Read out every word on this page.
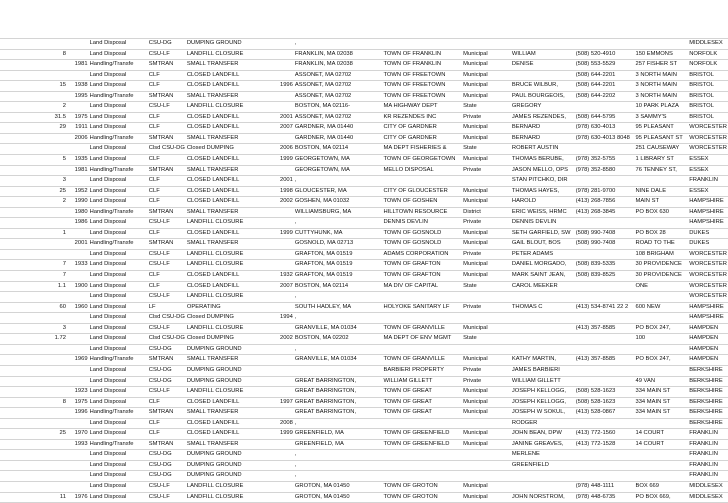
		Land Disposal	CSU-DG	DUMPING GROUND		,						MIDDLESEX
8		Land Disposal	CSU-LF	LANDFILL CLOSURE		FRANKLIN, MA 02038	TOWN OF FRANKLIN	Municipal	WILLIAM	(508) 520-4910	150 EMMONS	NORFOLK
	1981	Handling/Transfe	SMTRAN	SMALL TRANSFER		FRANKLIN, MA 02038	TOWN OF FRANKLIN	Municipal	DENISE	(508) 553-5529	257 FISHER ST	NORFOLK
		Land Disposal	CLF	CLOSED LANDFILL		ASSONET, MA 02702	TOWN OF FREETOWN	Municipal		(508) 644-2201	3 NORTH MAIN	BRISTOL
15	1938	Land Disposal	CLF	CLOSED LANDFILL	1996	ASSONET, MA 02702	TOWN OF FREETOWN	Municipal	BRUCE WILBUR,	(508) 644-2201	3 NORTH MAIN	BRISTOL
	1995	Handling/Transfe	SMTRAN	SMALL TRANSFER		ASSONET, MA 02702	TOWN OF FREETOWN	Municipal	PAUL BOURGEOIS,	(508) 644-2202	3 NORTH MAIN	BRISTOL
2		Land Disposal	CSU-LF	LANDFILL CLOSURE		BOSTON, MA 02116-	MA HIGHWAY DEPT	State	GREGORY		10 PARK PLAZA	BRISTOL
31.5	1975	Land Disposal	CLF	CLOSED LANDFILL	2001	ASSONET, MA 02702	KR REZENDES INC	Private	JAMES REZENDES,	(508) 644-5795	3 SAMMY'S	BRISTOL
29	1911	Land Disposal	CLF	CLOSED LANDFILL	2007	GARDNER, MA 01440	CITY OF GARDNER	Municipal	BERNARD	(978) 630-4013	95 PLEASANT	WORCESTER
	2006	Handling/Transfe	SMTRAN	SMALL TRANSFER		GARDNER, MA 01440	CITY OF GARDNER	Municipal	BERNARD	(978) 630-4013 8048	95 PLEASANT ST	WORCESTER
		Land Disposal	Clsd CSU-DG	Closed DUMPING	2006	BOSTON, MA 02114	MA DEPT FISHERIES &	State	ROBERT AUSTIN		251 CAUSEWAY	WORCESTER
5	1935	Land Disposal	CLF	CLOSED LANDFILL	1999	GEORGETOWN, MA	TOWN OF GEORGETOWN	Municipal	THOMAS BERUBE,	(978) 352-5755	1 LIBRARY ST	ESSEX
	1981	Handling/Transfe	SMTRAN	SMALL TRANSFER		GEORGETOWN, MA	MELLO DISPOSAL	Private	JASON MELLO, OPS	(978) 352-8580	76 TENNEY ST,	ESSEX
3		Land Disposal	CLF	CLOSED LANDFILL	2001	,			STAN PITCHKO, DIR			FRANKLIN
25	1952	Land Disposal	CLF	CLOSED LANDFILL	1998	GLOUCESTER, MA	CITY OF GLOUCESTER	Municipal	THOMAS HAYES,	(978) 281-9700	NINE DALE	ESSEX
2	1990	Land Disposal	CLF	CLOSED LANDFILL	2002	GOSHEN, MA 01032	TOWN OF GOSHEN	Municipal	HAROLD	(413) 268-7856	MAIN ST	HAMPSHIRE
	1980	Handling/Transfe	SMTRAN	SMALL TRANSFER		WILLIAMSBURG, MA	HILLTOWN RESOURCE	District	ERIC WEISS, HRMC	(413) 268-3845	PO BOX 630	HAMPSHIRE
	1986	Land Disposal	CSU-LF	LANDFILL CLOSURE		,	DENNIS DEVLIN	Private	DENNIS DEVLIN			HAMPSHIRE
1		Land Disposal	CLF	CLOSED LANDFILL	1999	CUTTYHUNK, MA	TOWN OF GOSNOLD	Municipal	SETH GARFIELD, SW	(508) 990-7408	PO BOX 28	DUKES
	2001	Handling/Transfe	SMTRAN	SMALL TRANSFER		GOSNOLD, MA 02713	TOWN OF GOSNOLD	Municipal	GAIL BLOUT, BOS	(508) 990-7408	ROAD TO THE	DUKES
		Land Disposal	CSU-LF	LANDFILL CLOSURE		GRAFTON, MA 01519	ADAMS CORPORATION	Private	PETER ADAMS		108 BRIGHAM	WORCESTER
7	1933	Land Disposal	CSU-LF	LANDFILL CLOSURE		GRAFTON, MA 01519	TOWN OF GRAFTON	Municipal	DANIEL MORGADO,	(508) 839-5335	30 PROVIDENCE	WORCESTER
7		Land Disposal	CLF	CLOSED LANDFILL	1932	GRAFTON, MA 01519	TOWN OF GRAFTON	Municipal	MARK SAINT JEAN,	(508) 839-8525	30 PROVIDENCE	WORCESTER
1.1	1900	Land Disposal	CLF	CLOSED LANDFILL	2007	BOSTON, MA 02114	MA DIV OF CAPITAL	State	CAROL MEEKER		ONE	WORCESTER
		Land Disposal	CSU-LF	LANDFILL CLOSURE		,						WORCESTER
60	1960	Land Disposal	LF	OPERATING		SOUTH HADLEY, MA	HOLYOKE SANITARY LF	Private	THOMAS C	(413) 534-8741 22 2	600 NEW	HAMPSHIRE
		Land Disposal	Clsd CSU-DG	Closed DUMPING	1994	,						HAMPSHIRE
3		Land Disposal	CSU-LF	LANDFILL CLOSURE		GRANVILLE, MA 01034	TOWN OF GRANVILLE	Municipal		(413) 357-8585	PO BOX 247,	HAMPDEN
1.72		Land Disposal	Clsd CSU-DG	Closed DUMPING	2002	BOSTON, MA 02202	MA DEPT OF ENV MGMT	State			100	HAMPDEN
		Land Disposal	CSU-DG	DUMPING GROUND		,						HAMPDEN
	1969	Handling/Transfe	SMTRAN	SMALL TRANSFER		GRANVILLE, MA 01034	TOWN OF GRANVILLE	Municipal	KATHY MARTIN,	(413) 357-8585	PO BOX 247,	HAMPDEN
		Land Disposal	CSU-DG	DUMPING GROUND			BARBIERI PROPERTY	Private	JAMES BARBIERI			BERKSHIRE
		Land Disposal	CSU-DG	DUMPING GROUND		GREAT BARRINGTON,	WILLIAM GILLETT	Private	WILLIAM GILLETT		49 VAN	BERKSHIRE
	1923	Land Disposal	CSU-LF	LANDFILL CLOSURE		GREAT BARRINGTON,	TOWN OF GREAT	Municipal	JOSEPH KELLOGG,	(508) 528-1623	334 MAIN ST	BERKSHIRE
8	1975	Land Disposal	CLF	CLOSED LANDFILL	1997	GREAT BARRINGTON,	TOWN OF GREAT	Municipal	JOSEPH KELLOGG,	(508) 528-1623	334 MAIN ST	BERKSHIRE
	1996	Handling/Transfe	SMTRAN	SMALL TRANSFER		GREAT BARRINGTON,	TOWN OF GREAT	Municipal	JOSEPH W SOKUL,	(413) 528-0867	334 MAIN ST	BERKSHIRE
		Land Disposal	CLF	CLOSED LANDFILL	2008	,			RODGER			BERKSHIRE
25	1970	Land Disposal	CLF	CLOSED LANDFILL	1999	GREENFIELD, MA	TOWN OF GREENFIELD	Municipal	JOHN BEAN, DPW	(413) 772-1560	14 COURT	FRANKLIN
	1993	Handling/Transfe	SMTRAN	SMALL TRANSFER		GREENFIELD, MA	TOWN OF GREENFIELD	Municipal	JANINE GREAVES,	(413) 772-1528	14 COURT	FRANKLIN
		Land Disposal	CSU-DG	DUMPING GROUND		,			MERLENE			FRANKLIN
		Land Disposal	CSU-DG	DUMPING GROUND		,			GREENFIELD			FRANKLIN
		Land Disposal	CSU-DG	DUMPING GROUND		,						FRANKLIN
		Land Disposal	CSU-LF	LANDFILL CLOSURE		GROTON, MA 01450	TOWN OF GROTON	Municipal		(978) 448-1111	BOX 669	MIDDLESEX
11	1976	Land Disposal	CSU-LF	LANDFILL CLOSURE		GROTON, MA 01450	TOWN OF GROTON	Municipal	JOHN NORSTROM,	(978) 448-6735	PO BOX 669,	MIDDLESEX
